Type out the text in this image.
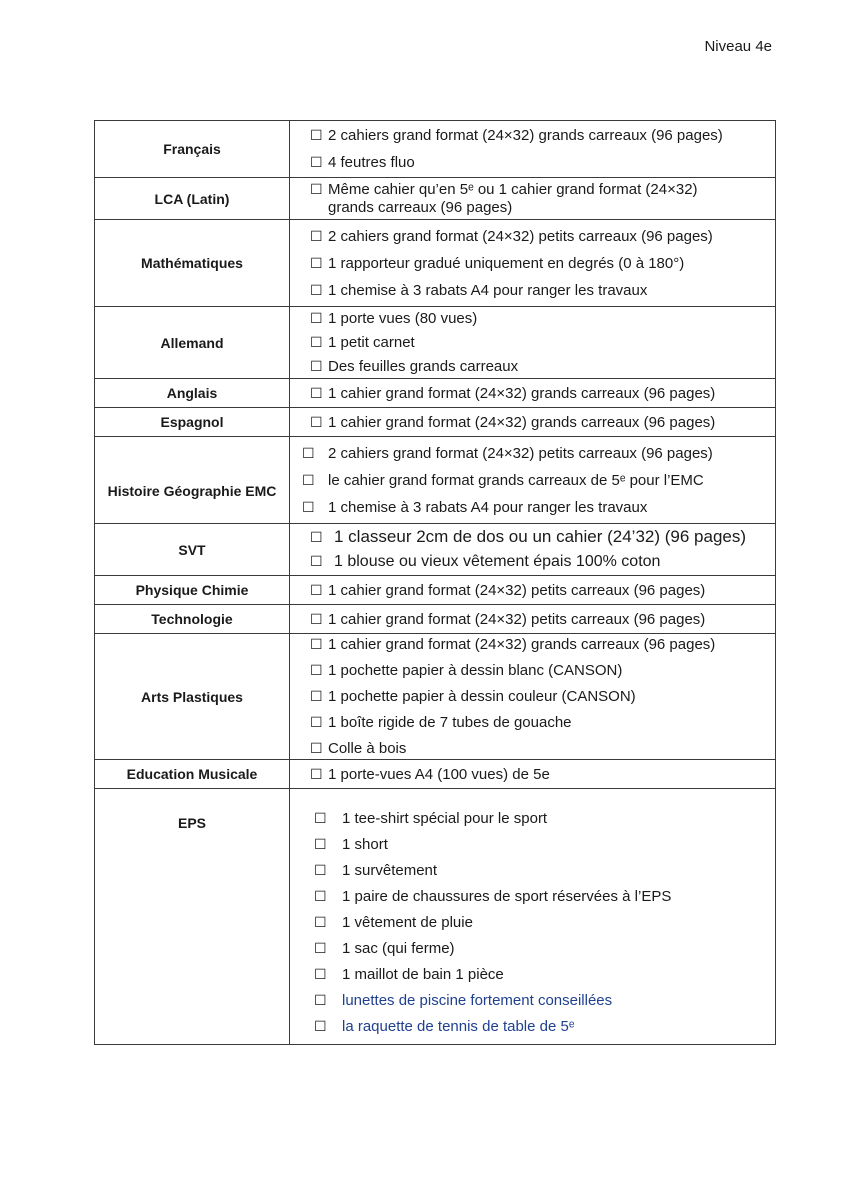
Niveau 4e
Français
☐ 2 cahiers grand format (24×32) grands carreaux (96 pages)
☐ 4 feutres fluo
LCA (Latin)
☐ Même cahier qu’en 5ᵉ ou 1 cahier grand format (24×32)
grands carreaux (96 pages)
Mathématiques
☐ 2 cahiers grand format (24×32) petits carreaux (96 pages)
☐ 1 rapporteur gradué uniquement en degrés (0 à 180°)
☐ 1 chemise à 3 rabats A4 pour ranger les travaux
Allemand
☐ 1 porte vues (80 vues)
☐ 1 petit carnet
☐ Des feuilles grands carreaux
Anglais	☐ 1 cahier grand format (24×32) grands carreaux (96 pages)
Espagnol	☐ 1 cahier grand format (24×32) grands carreaux (96 pages)
Histoire Géographie EMC
☐ 2 cahiers grand format (24×32) petits carreaux (96 pages)
☐ le cahier grand format grands carreaux de 5ᵉ pour l’EMC
☐ 1 chemise à 3 rabats A4 pour ranger les travaux
SVT
☐ 1 classeur 2cm de dos ou un cahier (24’32) (96 pages)
☐ 1 blouse ou vieux vêtement épais 100% coton
Physique Chimie	☐ 1 cahier grand format (24×32) petits carreaux (96 pages)
Technologie	☐ 1 cahier grand format (24×32) petits carreaux (96 pages)
Arts Plastiques
☐ 1 cahier grand format (24×32) grands carreaux (96 pages)
☐ 1 pochette papier à dessin blanc (CANSON)
☐ 1 pochette papier à dessin couleur (CANSON)
☐ 1 boîte rigide de 7 tubes de gouache
☐ Colle à bois
Education Musicale	☐ 1 porte-vues A4 (100 vues) de 5e
EPS	☐	1 tee-shirt spécial pour le sport
☐	1 short
☐	1 survêtement
☐	1 paire de chaussures de sport réservées à l’EPS
☐	1 vêtement de pluie
☐	1 sac (qui ferme)
☐	1 maillot de bain 1 pièce
☐	lunettes de piscine fortement conseillées
☐	la raquette de tennis de table de 5ᵉ
